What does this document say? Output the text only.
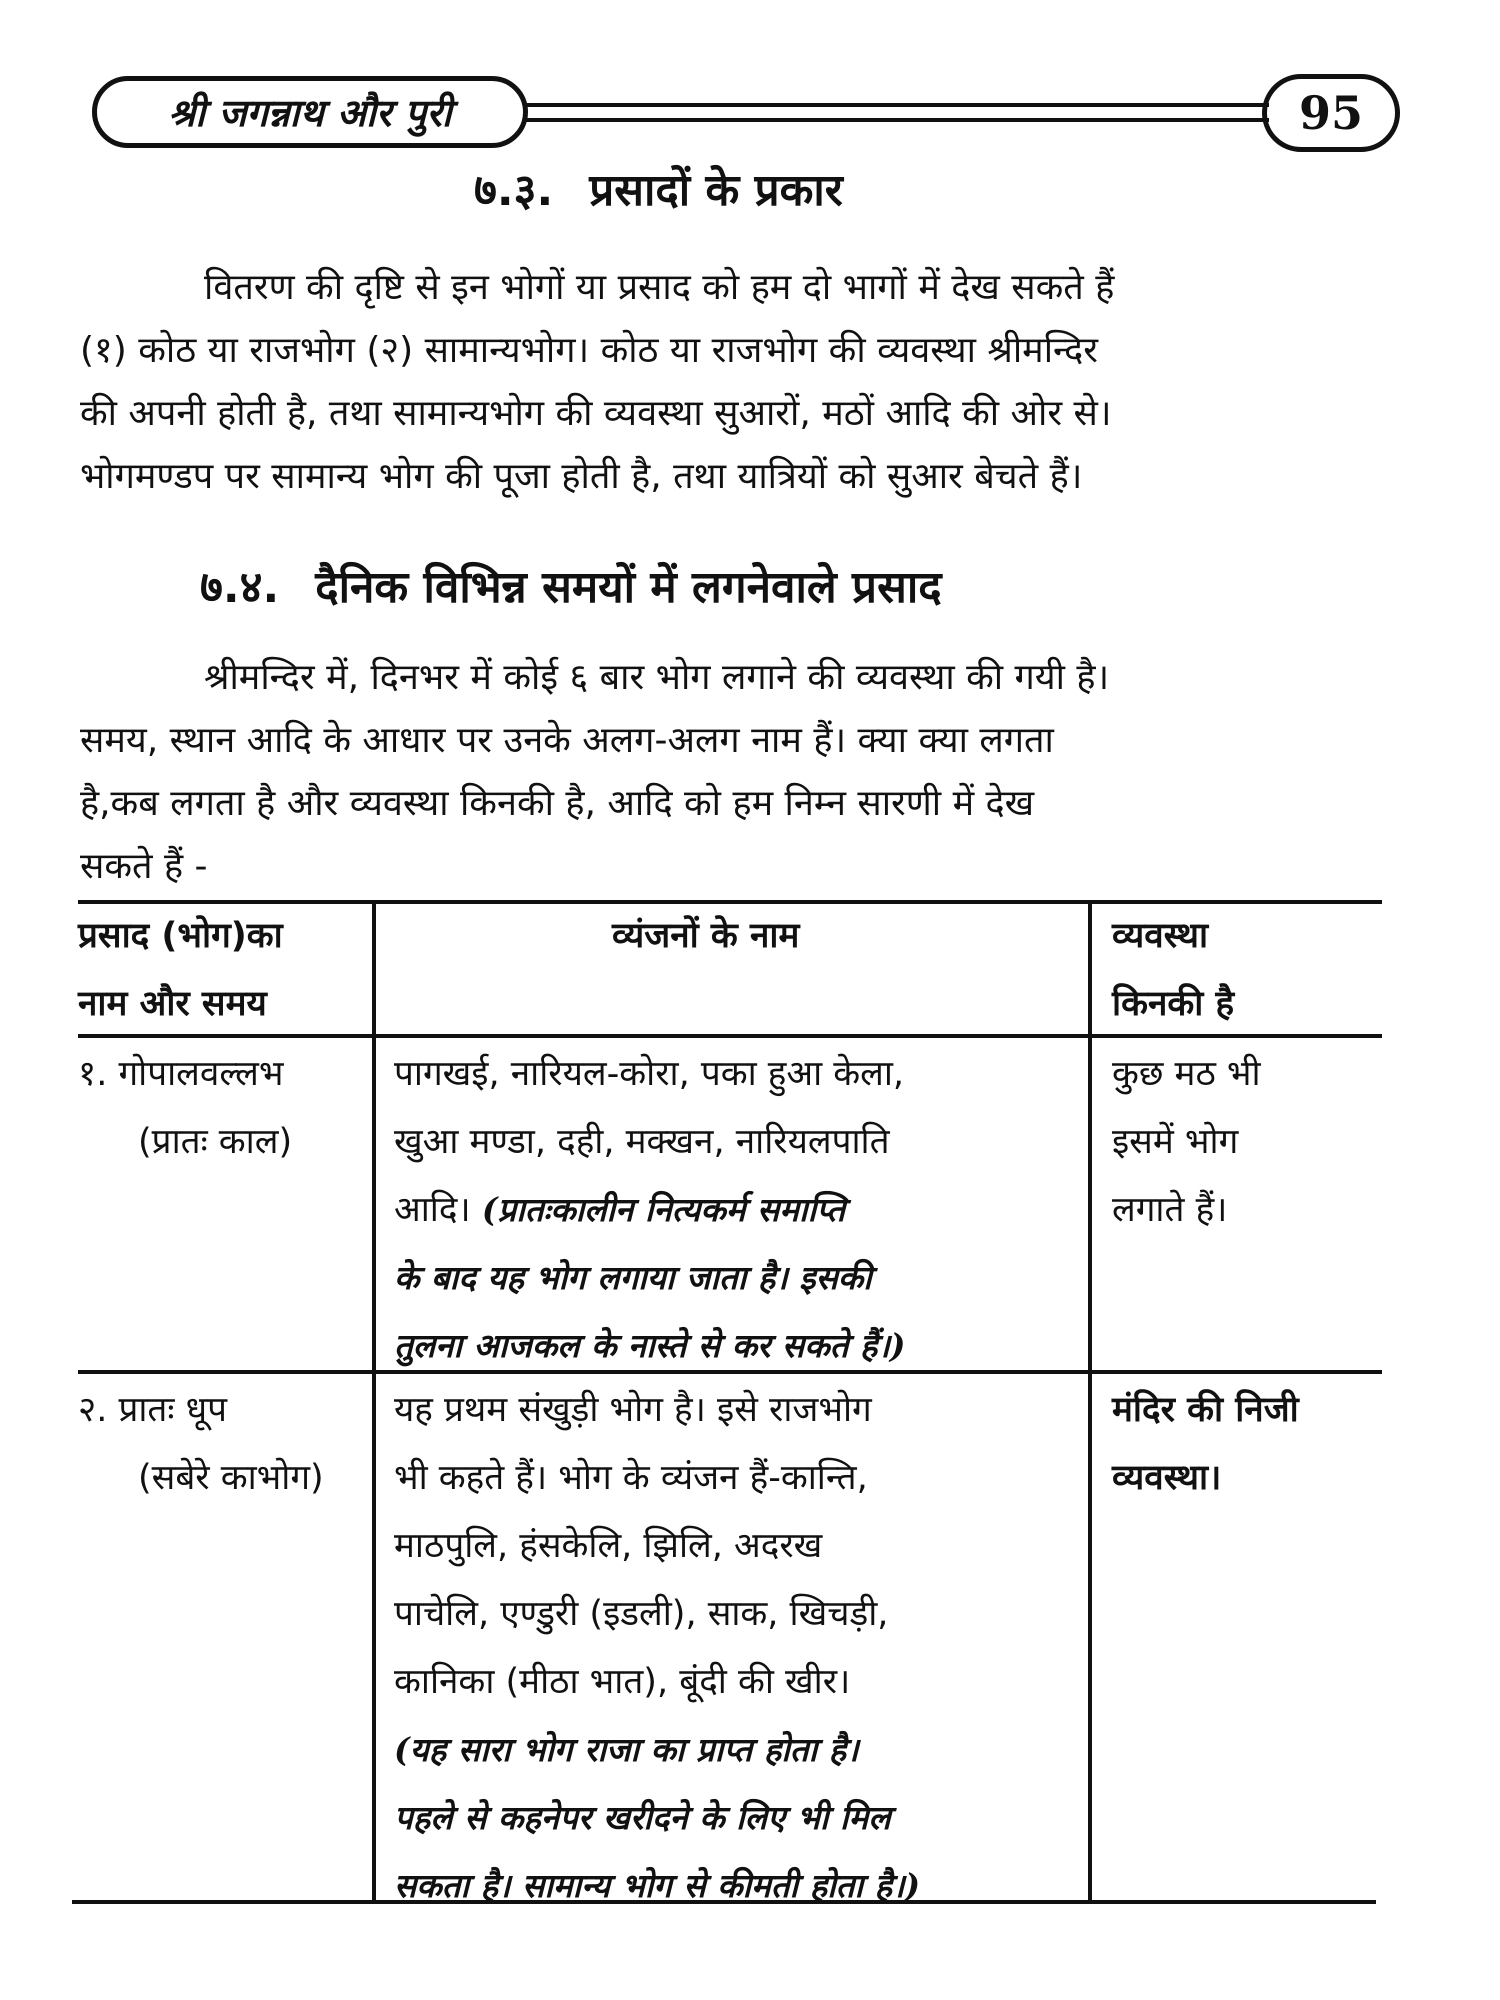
श्री जगन्नाथ और पुरी	95
७.३. प्रसादों के प्रकार
वितरण की दृष्टि से इन भोगों या प्रसाद को हम दो भागों में देख सकते हैं
(१) कोठ या राजभोग (२) सामान्यभोग। कोठ या राजभोग की व्यवस्था श्रीमन्दिर
की अपनी होती है, तथा सामान्यभोग की व्यवस्था सुआरों, मठों आदि की ओर से।
भोगमण्डप पर सामान्य भोग की पूजा होती है, तथा यात्रियों को सुआर बेचते हैं।
७.४. दैनिक विभिन्न समयों में लगनेवाले प्रसाद
श्रीमन्दिर में, दिनभर में कोई ६ बार भोग लगाने की व्यवस्था की गयी है।
समय, स्थान आदि के आधार पर उनके अलग-अलग नाम हैं। क्या क्या लगता
है,कब लगता है और व्यवस्था किनकी है, आदि को हम निम्न सारणी में देख
सकते हैं -
प्रसाद (भोग)का
नाम और समय
व्यंजनों के नाम	व्यवस्था
किनकी है
१. गोपालवल्लभ
(प्रातः काल)
पागखई, नारियल-कोरा, पका हुआ केला,
खुआ मण्डा, दही, मक्खन, नारियलपाति
आदि। (प्रातःकालीन नित्यकर्म समाप्ति
के बाद यह भोग लगाया जाता है। इसकी
तुलना आजकल के नास्ते से कर सकते हैं।)
कुछ मठ भी
इसमें भोग
लगाते हैं।
२. प्रातः धूप
(सबेरे काभोग)
यह प्रथम संखुड़ी भोग है। इसे राजभोग
भी कहते हैं। भोग के व्यंजन हैं-कान्ति,
माठपुलि, हंसकेलि, झिलि, अदरख
पाचेलि, एण्डुरी (इडली), साक, खिचड़ी,
कानिका (मीठा भात), बूंदी की खीर।
(यह सारा भोग राजा का प्राप्त होता है।
पहले से कहनेपर खरीदने के लिए भी मिल
सकता है। सामान्य भोग से कीमती होता है।)
मंदिर की निजी
व्यवस्था।
